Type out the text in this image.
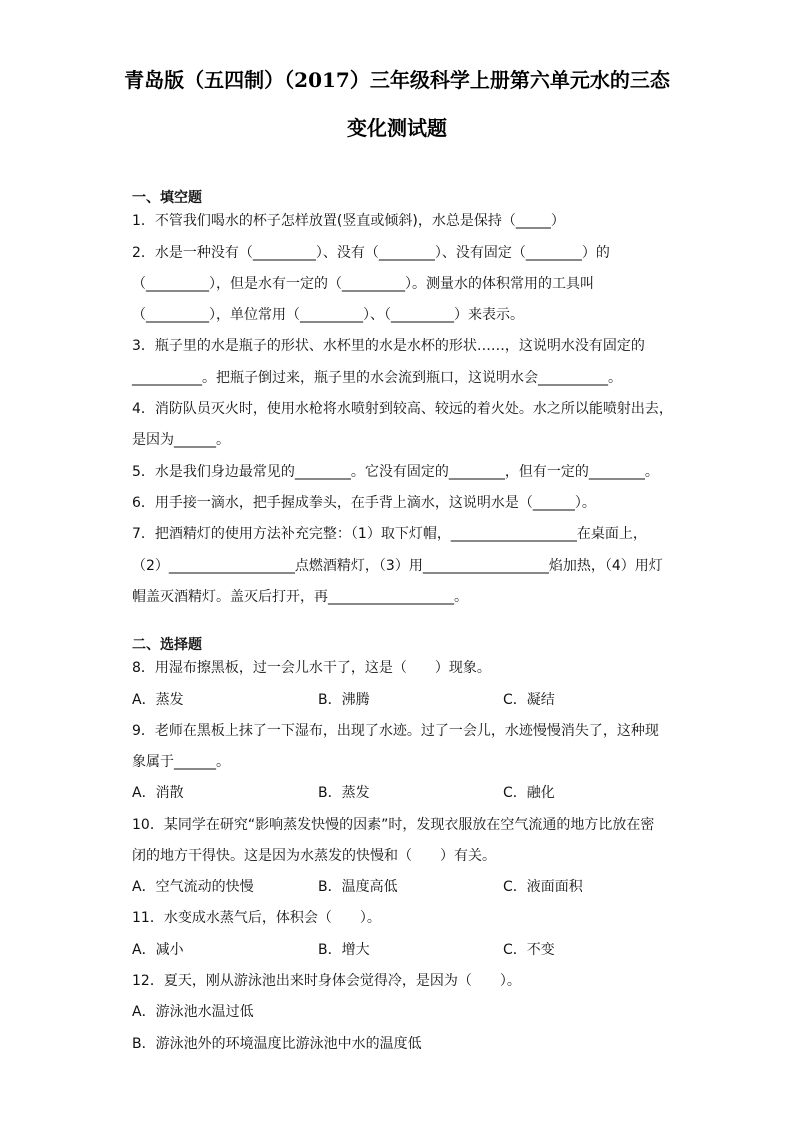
青岛版（五四制）（2017）三年级科学上册第六单元水的三态
变化测试题
一、填空题
1．不管我们喝水的杯子怎样放置(竖直或倾斜)，水总是保持（_____）
2．水是一种没有（_________）、没有（________）、没有固定（________）的
（_________），但是水有一定的（_________）。测量水的体积常用的工具叫
（_________），单位常用（_________）、（_________）来表示。
3．瓶子里的水是瓶子的形状、水杯里的水是水杯的形状……，这说明水没有固定的
__________。把瓶子倒过来，瓶子里的水会流到瓶口，这说明水会__________。
4．消防队员灭火时，使用水枪将水喷射到较高、较远的着火处。水之所以能喷射出去，
是因为______。
5．水是我们身边最常见的________。它没有固定的________，但有一定的________。
6．用手接一滴水，把手握成拳头，在手背上滴水，这说明水是（______）。
7．把酒精灯的使用方法补充完整：（1）取下灯帽，__________________在桌面上，
（2）__________________点燃酒精灯，（3）用__________________焰加热，（4）用灯
帽盖灭酒精灯。盖灭后打开，再__________________。
二、选择题
8．用湿布擦黑板，过一会儿水干了，这是（　　）现象。
A．蒸发	B．沸腾	C．凝结
9．老师在黑板上抹了一下湿布，出现了水迹。过了一会儿，水迹慢慢消失了，这种现
象属于______。
A．消散	B．蒸发	C．融化
10．某同学在研究“影响蒸发快慢的因素”时，发现衣服放在空气流通的地方比放在密
闭的地方干得快。这是因为水蒸发的快慢和（　　）有关。
A．空气流动的快慢	B．温度高低	C．液面面积
11．水变成水蒸气后，体积会（　　）。
A．减小	B．增大	C．不变
12．夏天，刚从游泳池出来时身体会觉得冷，是因为（　　）。
A．游泳池水温过低
B．游泳池外的环境温度比游泳池中水的温度低
